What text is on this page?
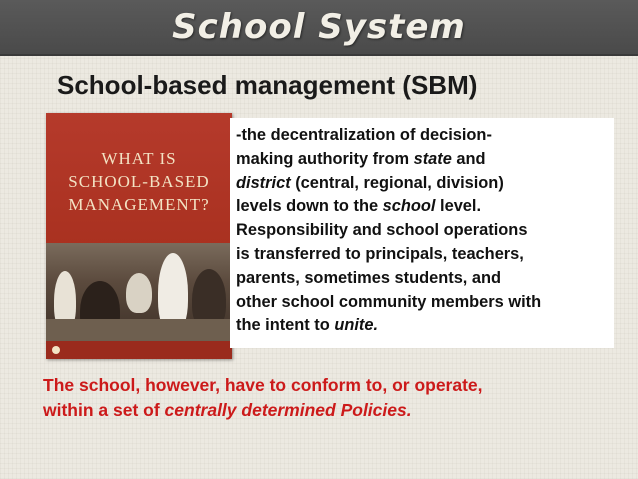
School System
School-based management (SBM)
WHAT IS
SCHOOL-BASED
MANAGEMENT?

-the decentralization of decision-

making authority from state and

district (central, regional, division)

levels down to the school level.

Responsibility and school operations

is transferred to principals, teachers,

parents, sometimes students, and

other school community members with

the intent to unite.

The school, however, have to conform to, or operate,

within a set of centrally determined Policies.
